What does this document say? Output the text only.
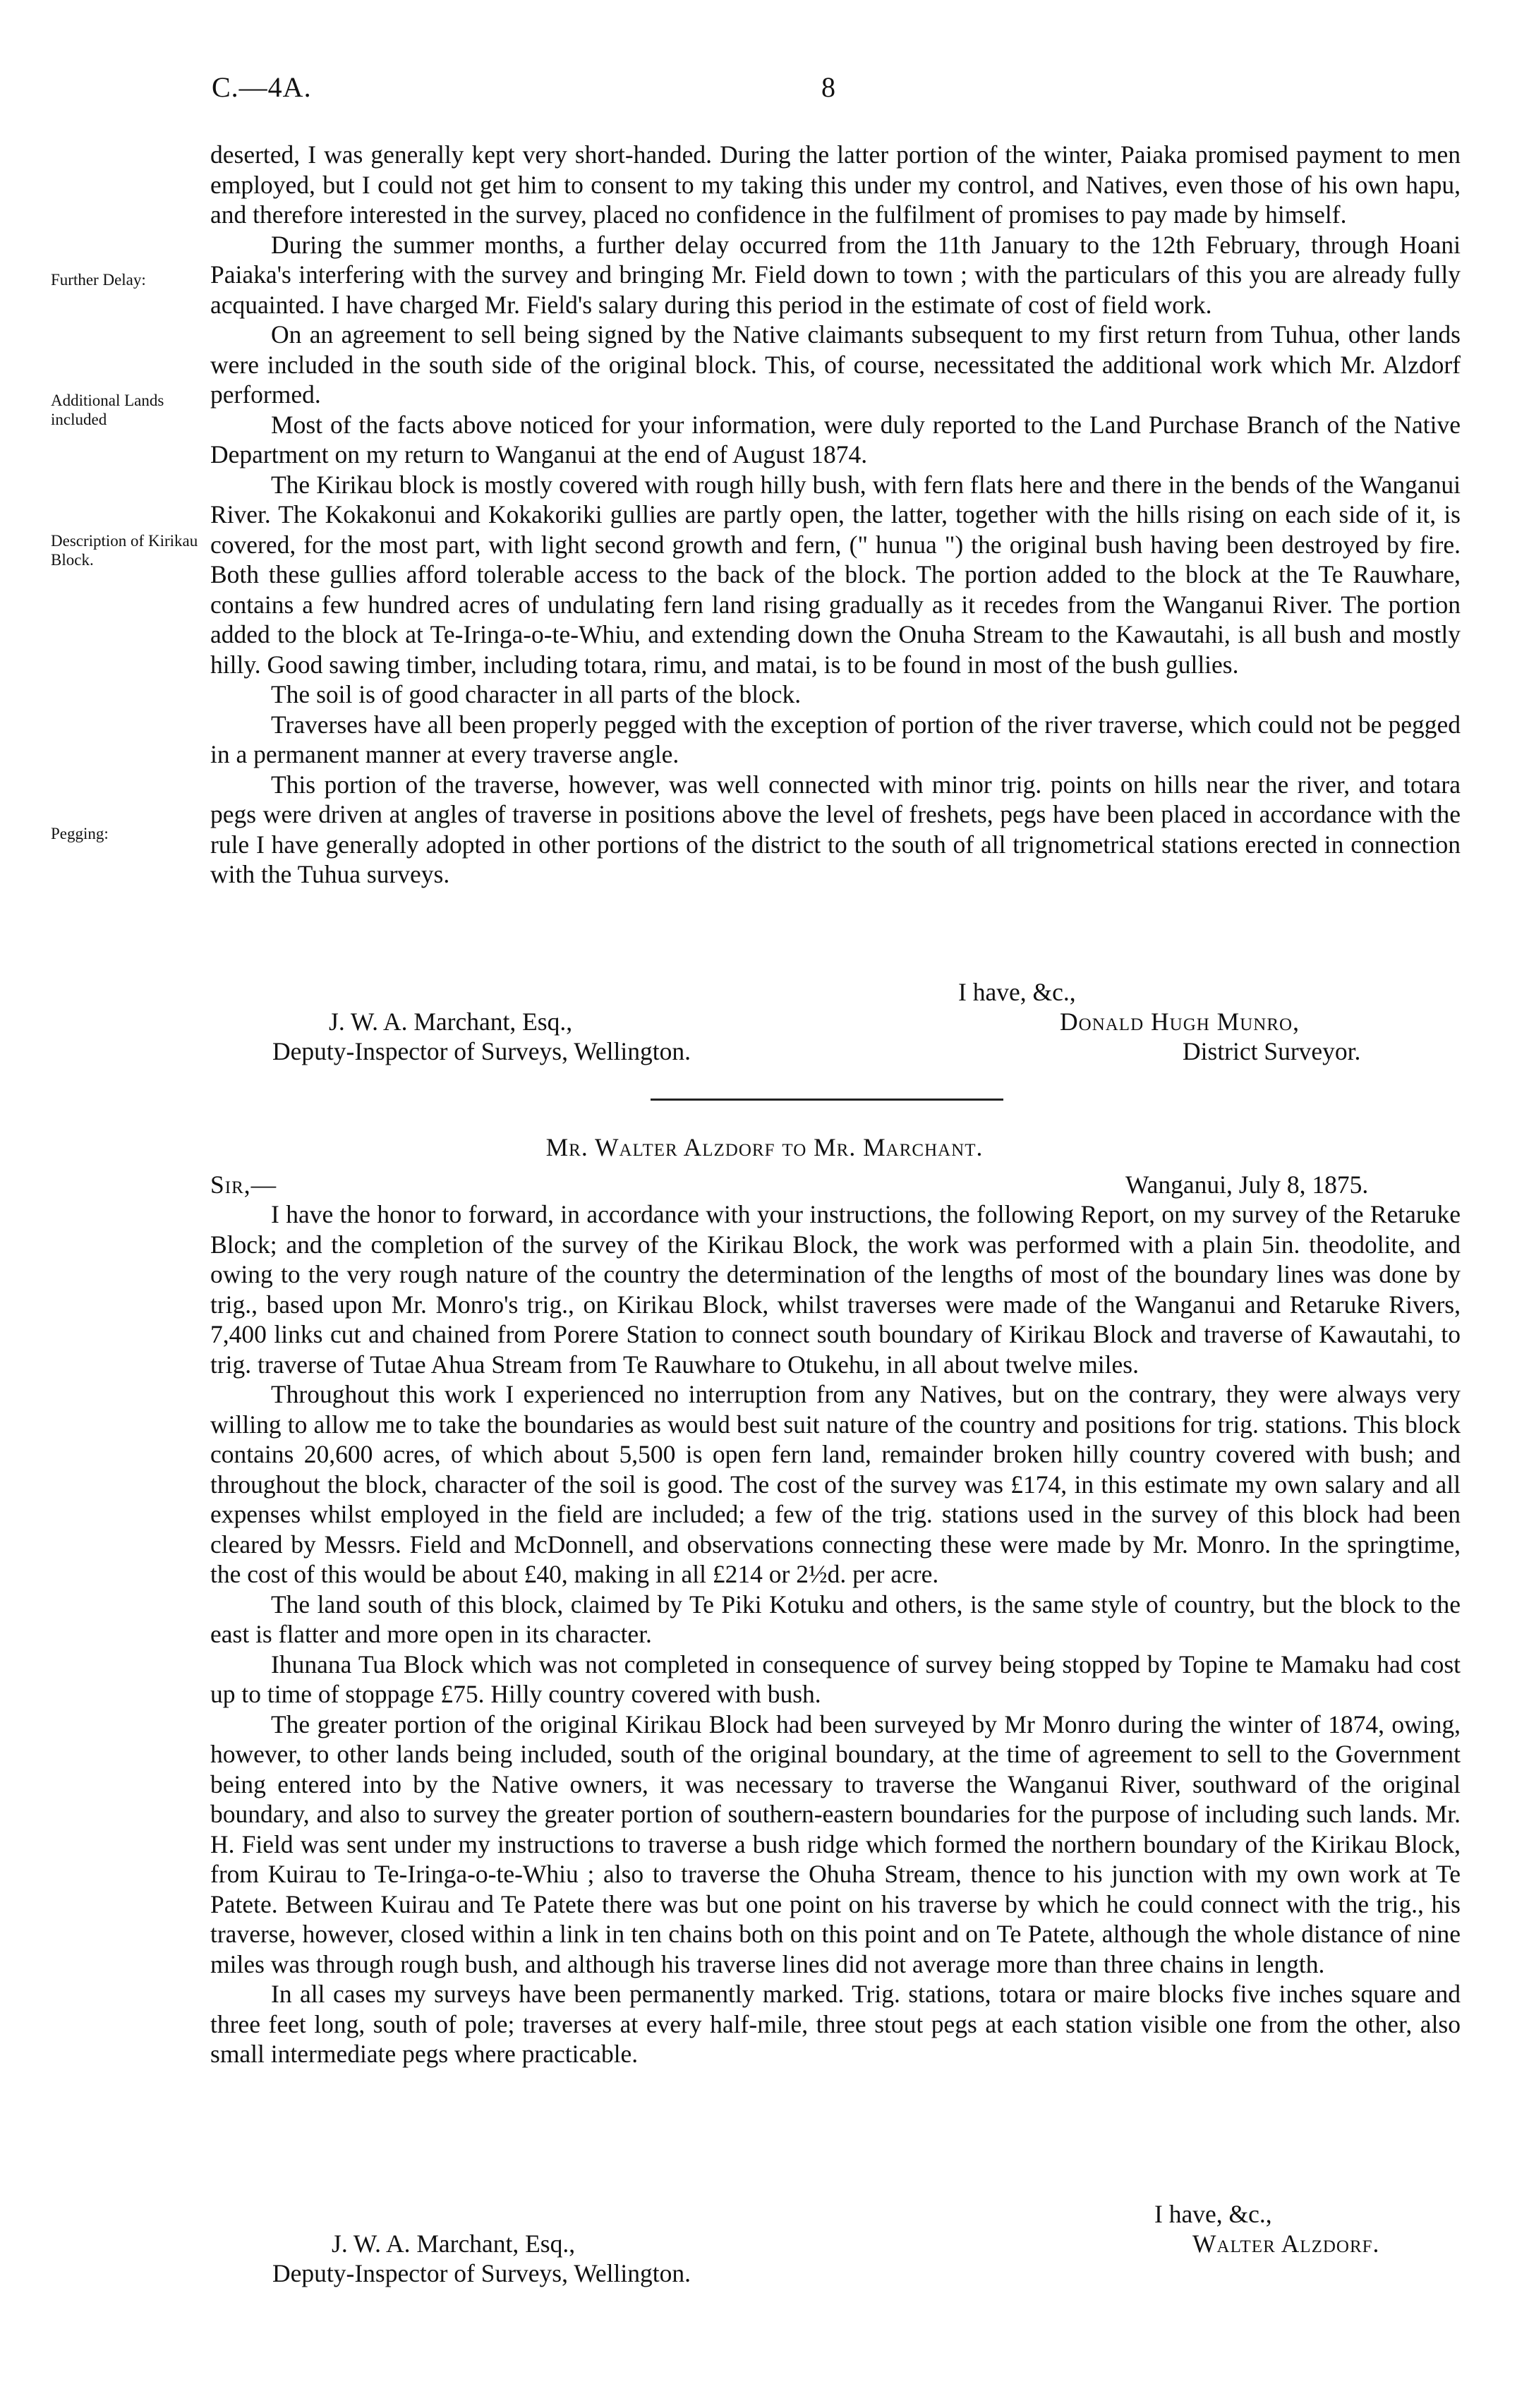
C.—4A.	8
Further Delay:
Additional Lands included
Description of Kirikau Block.
Pegging:

deserted, I was generally kept very short-handed. During the latter portion of the winter, Paiaka promised payment to men employed, but I could not get him to consent to my taking this under my control, and Natives, even those of his own hapu, and therefore interested in the survey, placed no confidence in the fulfilment of promises to pay made by himself.

During the summer months, a further delay occurred from the 11th January to the 12th February, through Hoani Paiaka's interfering with the survey and bringing Mr. Field down to town ; with the particulars of this you are already fully acquainted. I have charged Mr. Field's salary during this period in the estimate of cost of field work.

On an agreement to sell being signed by the Native claimants subsequent to my first return from Tuhua, other lands were included in the south side of the original block. This, of course, necessitated the additional work which Mr. Alzdorf performed.

Most of the facts above noticed for your information, were duly reported to the Land Purchase Branch of the Native Department on my return to Wanganui at the end of August 1874.

The Kirikau block is mostly covered with rough hilly bush, with fern flats here and there in the bends of the Wanganui River. The Kokakonui and Kokakoriki gullies are partly open, the latter, together with the hills rising on each side of it, is covered, for the most part, with light second growth and fern, (" hunua ") the original bush having been destroyed by fire. Both these gullies afford tolerable access to the back of the block. The portion added to the block at the Te Rauwhare, contains a few hundred acres of undulating fern land rising gradually as it recedes from the Wanganui River. The portion added to the block at Te-Iringa-o-te-Whiu, and extending down the Onuha Stream to the Kawautahi, is all bush and mostly hilly. Good sawing timber, including totara, rimu, and matai, is to be found in most of the bush gullies.

The soil is of good character in all parts of the block.

Traverses have all been properly pegged with the exception of portion of the river traverse, which could not be pegged in a permanent manner at every traverse angle.

This portion of the traverse, however, was well connected with minor trig. points on hills near the river, and totara pegs were driven at angles of traverse in positions above the level of freshets, pegs have been placed in accordance with the rule I have generally adopted in other portions of the district to the south of all trignometrical stations erected in connection with the Tuhua surveys.

I have, &c.,
J. W. A. Marchant, Esq.,
Deputy-Inspector of Surveys, Wellington.
Donald Hugh Munro,
District Surveyor.
Mr. Walter Alzdorf to Mr. Marchant.
Sir,—	Wanganui, July 8, 1875.

I have the honor to forward, in accordance with your instructions, the following Report, on my survey of the Retaruke Block; and the completion of the survey of the Kirikau Block, the work was performed with a plain 5in. theodolite, and owing to the very rough nature of the country the determination of the lengths of most of the boundary lines was done by trig., based upon Mr. Monro's trig., on Kirikau Block, whilst traverses were made of the Wanganui and Retaruke Rivers, 7,400 links cut and chained from Porere Station to connect south boundary of Kirikau Block and traverse of Kawautahi, to trig. traverse of Tutae Ahua Stream from Te Rauwhare to Otukehu, in all about twelve miles.

Throughout this work I experienced no interruption from any Natives, but on the contrary, they were always very willing to allow me to take the boundaries as would best suit nature of the country and positions for trig. stations. This block contains 20,600 acres, of which about 5,500 is open fern land, remainder broken hilly country covered with bush; and throughout the block, character of the soil is good. The cost of the survey was £174, in this estimate my own salary and all expenses whilst employed in the field are included; a few of the trig. stations used in the survey of this block had been cleared by Messrs. Field and McDonnell, and observations connecting these were made by Mr. Monro. In the springtime, the cost of this would be about £40, making in all £214 or 2½d. per acre.

The land south of this block, claimed by Te Piki Kotuku and others, is the same style of country, but the block to the east is flatter and more open in its character.

Ihunana Tua Block which was not completed in consequence of survey being stopped by Topine te Mamaku had cost up to time of stoppage £75. Hilly country covered with bush.

The greater portion of the original Kirikau Block had been surveyed by Mr Monro during the winter of 1874, owing, however, to other lands being included, south of the original boundary, at the time of agreement to sell to the Government being entered into by the Native owners, it was necessary to traverse the Wanganui River, southward of the original boundary, and also to survey the greater portion of southern-eastern boundaries for the purpose of including such lands. Mr. H. Field was sent under my instructions to traverse a bush ridge which formed the northern boundary of the Kirikau Block, from Kuirau to Te-Iringa-o-te-Whiu ; also to traverse the Ohuha Stream, thence to his junction with my own work at Te Patete. Between Kuirau and Te Patete there was but one point on his traverse by which he could connect with the trig., his traverse, however, closed within a link in ten chains both on this point and on Te Patete, although the whole distance of nine miles was through rough bush, and although his traverse lines did not average more than three chains in length.

In all cases my surveys have been permanently marked. Trig. stations, totara or maire blocks five inches square and three feet long, south of pole; traverses at every half-mile, three stout pegs at each station visible one from the other, also small intermediate pegs where practicable.

I have, &c.,
J. W. A. Marchant, Esq.,
Deputy-Inspector of Surveys, Wellington.
Walter Alzdorf.
